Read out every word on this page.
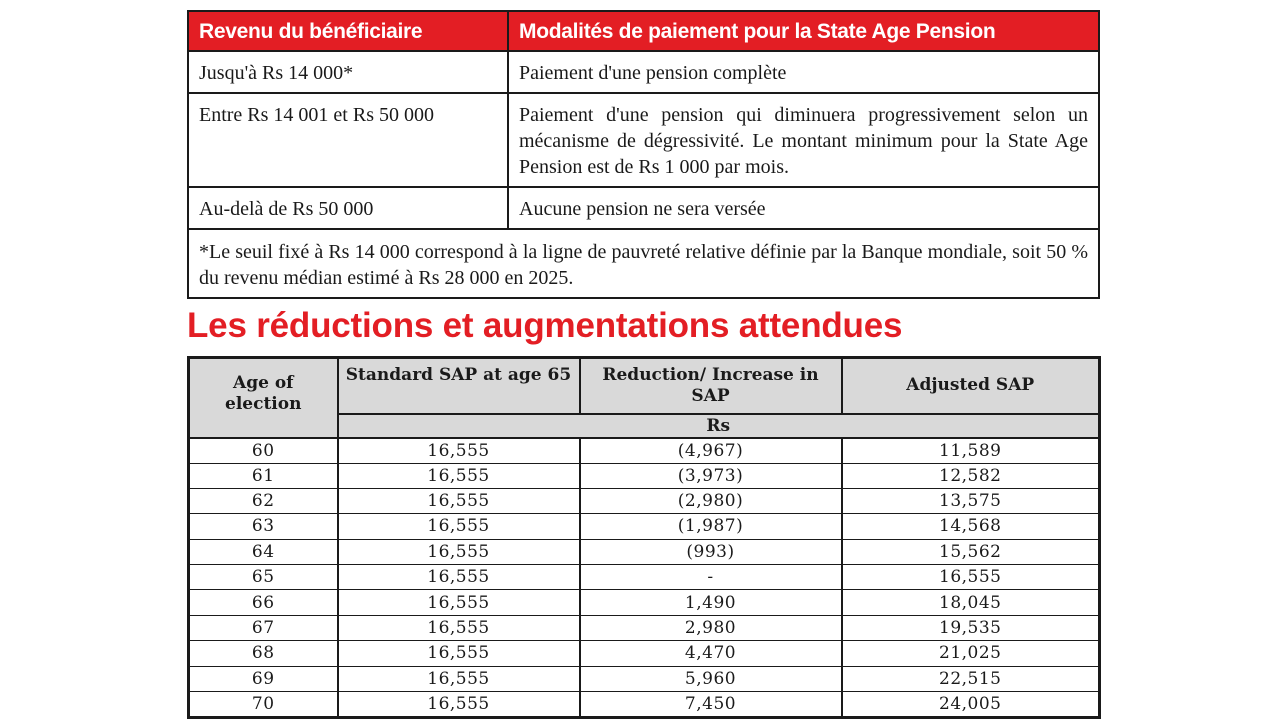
Revenu du bénéficiaire	Modalités de paiement pour la State Age Pension
Jusqu'à Rs 14 000*	Paiement d'une pension complète
Entre Rs 14 001 et Rs 50 000	Paiement d'une pension qui diminuera progressivement selon un mécanisme de dégressivité. Le montant minimum pour la State Age Pension est de Rs 1 000 par mois.
Au-delà de Rs 50 000	Aucune pension ne sera versée
*Le seuil fixé à Rs 14 000 correspond à la ligne de pauvreté relative définie par la Banque mondiale, soit 50 % du revenu médian estimé à Rs 28 000 en 2025.	
Les réductions et augmentations attendues
Age of election	Standard SAP at age 65	Reduction/ Increase in SAP	Adjusted SAP
	Rs		
60	16,555	(4,967)	11,589
61	16,555	(3,973)	12,582
62	16,555	(2,980)	13,575
63	16,555	(1,987)	14,568
64	16,555	(993)	15,562
65	16,555	-	16,555
66	16,555	1,490	18,045
67	16,555	2,980	19,535
68	16,555	4,470	21,025
69	16,555	5,960	22,515
70	16,555	7,450	24,005
